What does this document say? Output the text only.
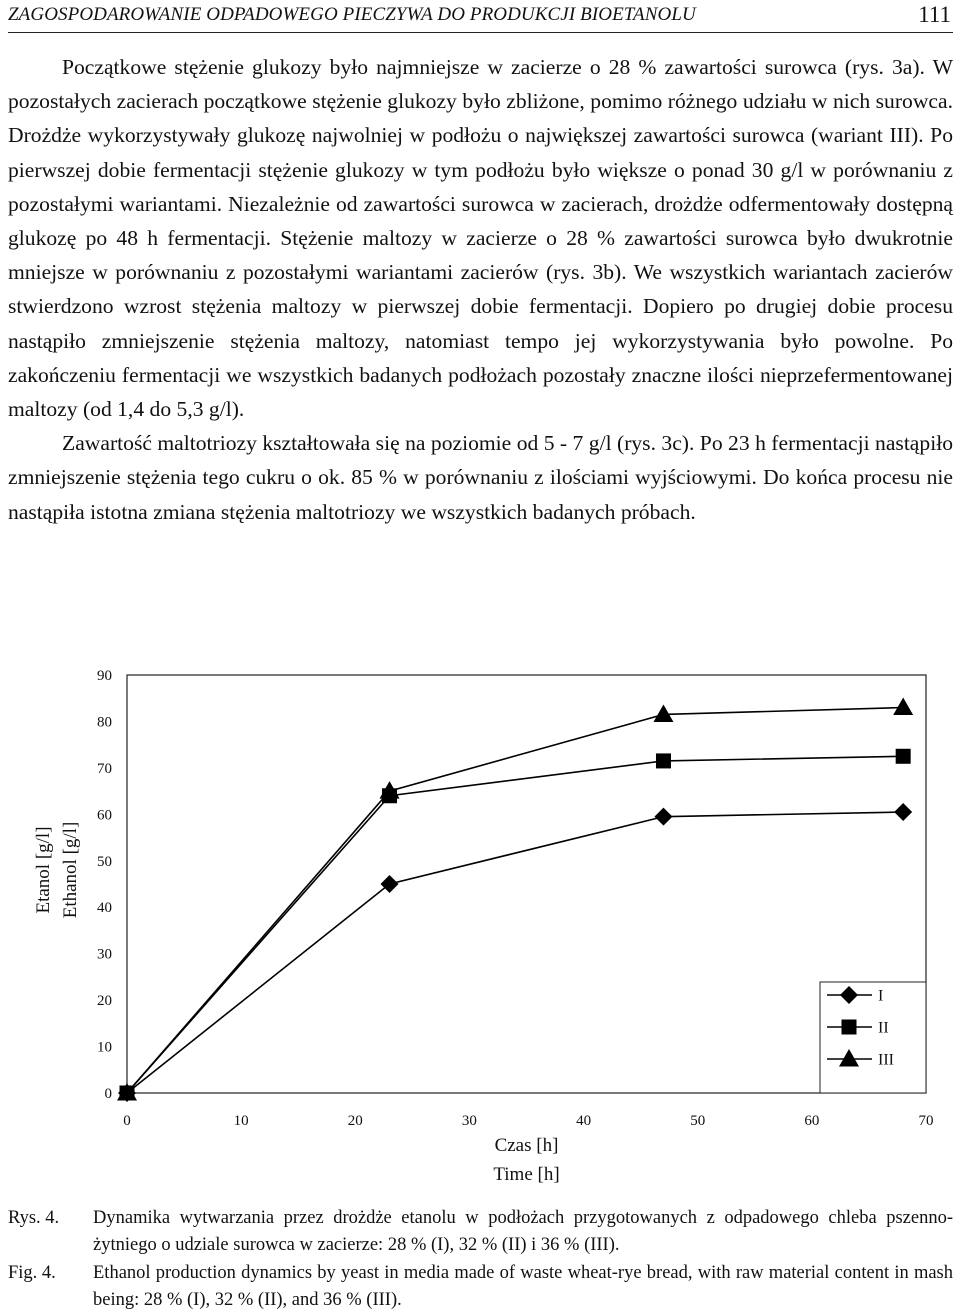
ZAGOSPODAROWANIE ODPADOWEGO PIECZYWA DO PRODUKCJI BIOETANOLU	111

Początkowe stężenie glukozy było najmniejsze w zacierze o 28 % zawartości surowca (rys. 3a). W pozostałych zacierach początkowe stężenie glukozy było zbliżone, pomimo różnego udziału w nich surowca. Drożdże wykorzystywały glukozę najwolniej w podłożu o największej zawartości surowca (wariant III). Po pierwszej dobie fermentacji stężenie glukozy w tym podłożu było większe o ponad 30 g/l w porównaniu z pozostałymi wariantami. Niezależnie od zawartości surowca w zacierach, drożdże odfermentowały dostępną glukozę po 48 h fermentacji. Stężenie maltozy w zacierze o 28 % zawartości surowca było dwukrotnie mniejsze w porównaniu z pozostałymi wariantami zacierów (rys. 3b). We wszystkich wariantach zacierów stwierdzono wzrost stężenia maltozy w pierwszej dobie fermentacji. Dopiero po drugiej dobie procesu nastąpiło zmniejszenie stężenia maltozy, natomiast tempo jej wykorzystywania było powolne. Po zakończeniu fermentacji we wszystkich badanych podłożach pozostały znaczne ilości nieprzefermentowanej maltozy (od 1,4 do 5,3 g/l).

Zawartość maltotriozy kształtowała się na poziomie od 5 - 7 g/l (rys. 3c). Po 23 h fermentacji nastąpiło zmniejszenie stężenia tego cukru o ok. 85 % w porównaniu z ilościami wyjściowymi. Do końca procesu nie nastąpiła istotna zmiana stężenia maltotriozy we wszystkich badanych próbach.

0
10
20
30
40
50
60
70
80
90
0	10	20	30	40	50	60	70
Czas [h]
Time [h]
Etanol [g/l] Ethanol [g/l]
I
II
III
Rys. 4. Dynamika wytwarzania przez drożdże etanolu w podłożach przygotowanych z odpadowego chleba pszenno-żytniego o udziale surowca w zacierze: 28 % (I), 32 % (II) i 36 % (III).
Fig. 4. Ethanol production dynamics by yeast in media made of waste wheat-rye bread, with raw material content in mash being: 28 % (I), 32 % (II), and 36 % (III).
